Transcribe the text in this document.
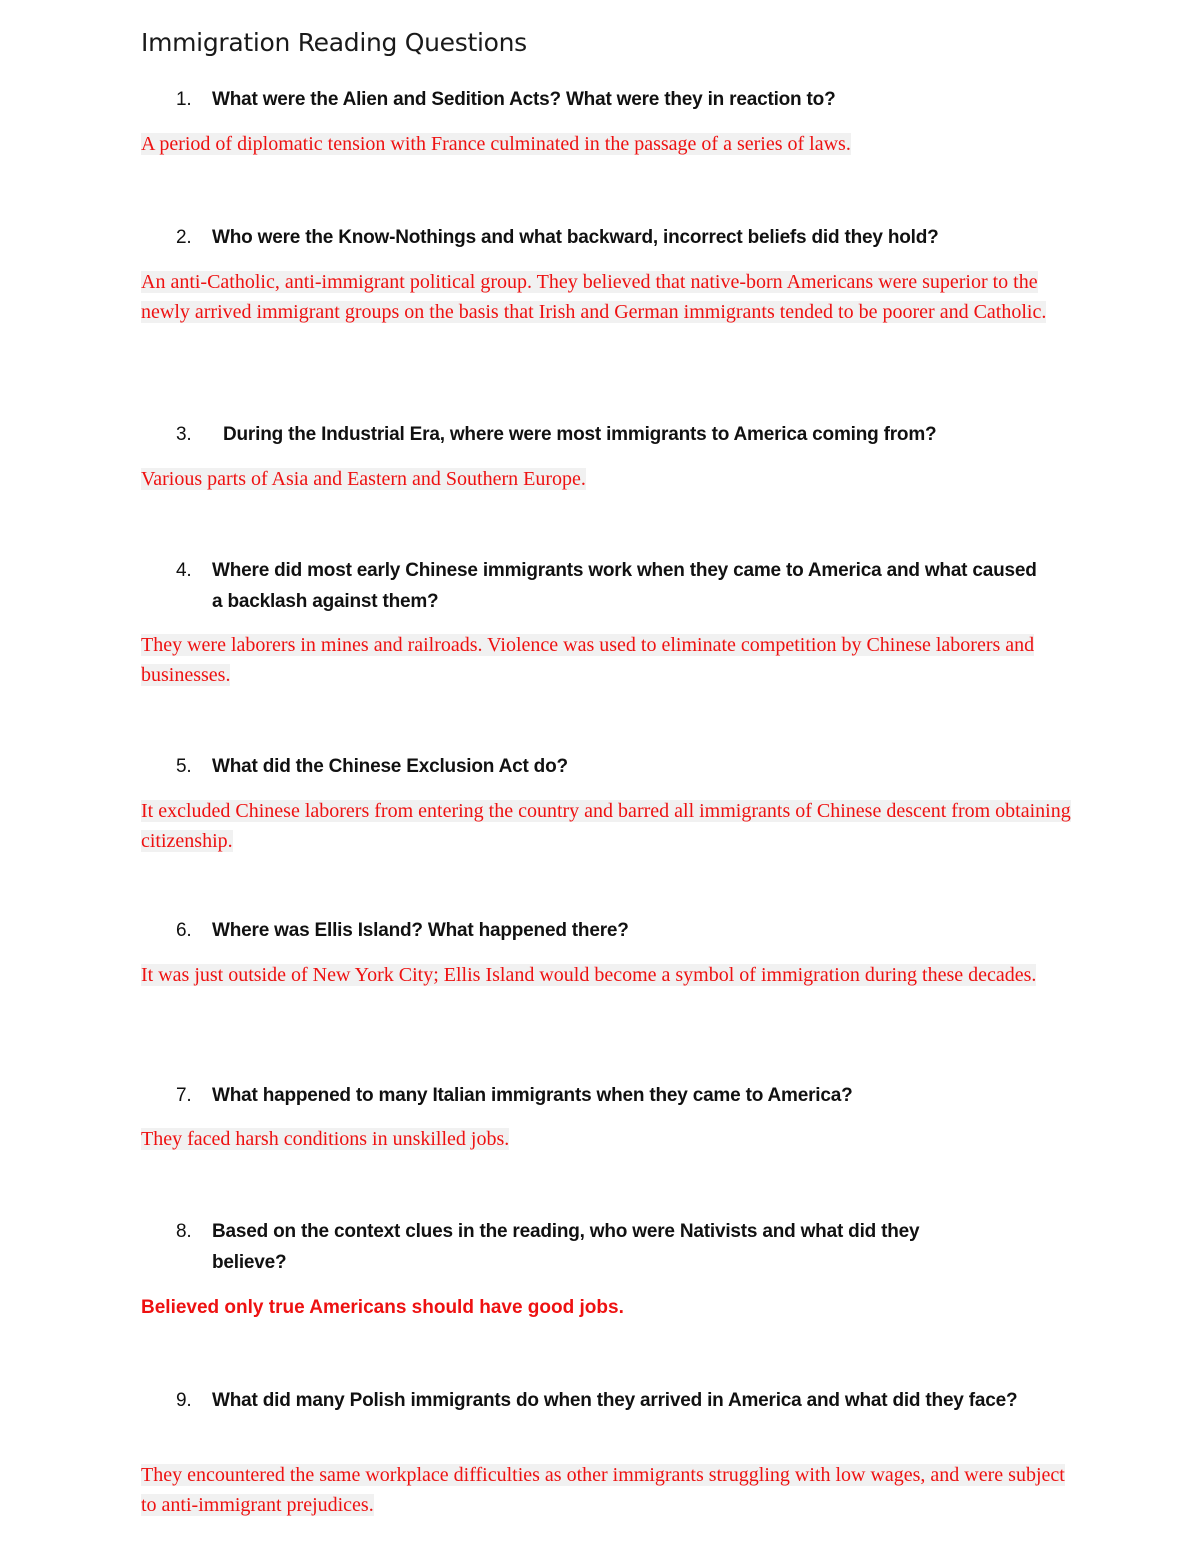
Immigration Reading Questions
1.	What were the Alien and Sedition Acts? What were they in reaction to?
A period of diplomatic tension with France culminated in the passage of a series of laws.
2.	Who were the Know-Nothings and what backward, incorrect beliefs did they hold?
An anti-Catholic, anti-immigrant political group. They believed that native-born Americans were superior to the newly arrived immigrant groups on the basis that Irish and German immigrants tended to be poorer and Catholic.
3.	During the Industrial Era, where were most immigrants to America coming from?
Various parts of Asia and Eastern and Southern Europe.
4.	Where did most early Chinese immigrants work when they came to America and what caused a backlash against them?
They were laborers in mines and railroads. Violence was used to eliminate competition by Chinese laborers and businesses.
5.	What did the Chinese Exclusion Act do?
It excluded Chinese laborers from entering the country and barred all immigrants of Chinese descent from obtaining citizenship.
6.	Where was Ellis Island? What happened there?
It was just outside of New York City; Ellis Island would become a symbol of immigration during these decades.
7.	What happened to many Italian immigrants when they came to America?
They faced harsh conditions in unskilled jobs.
8.	Based on the context clues in the reading, who were Nativists and what did they believe?
Believed only true Americans should have good jobs.
9.	What did many Polish immigrants do when they arrived in America and what did they face?
They encountered the same workplace difficulties as other immigrants struggling with low wages, and were subject to anti-immigrant prejudices.
